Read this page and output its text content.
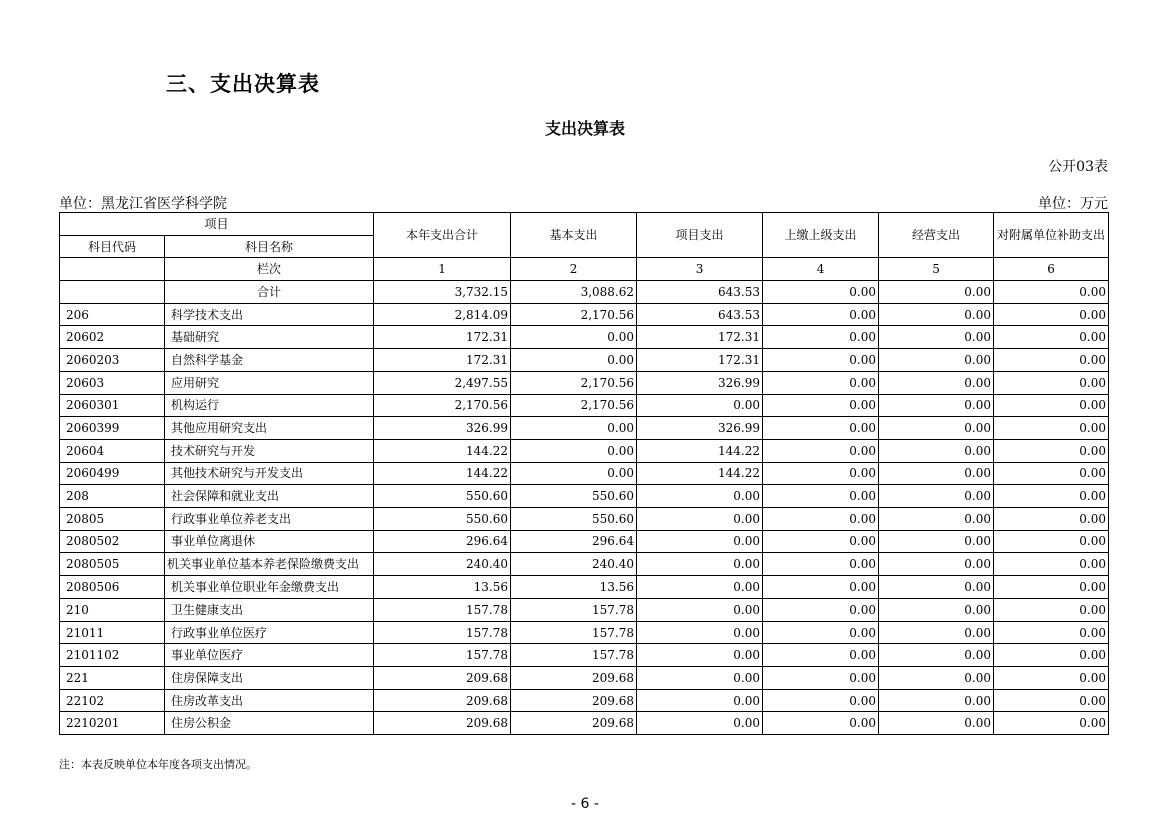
三、支出决算表
支出决算表
公开03表
单位：黑龙江省医学科学院	单位：万元
项目		本年支出合计	基本支出	项目支出	上缴上级支出	经营支出	对附属单位补助支出
科目代码	科目名称						
	栏次	1	2	3	4	5	6
	合计	3,732.15	3,088.62	643.53	0.00	0.00	0.00
206	科学技术支出	2,814.09	2,170.56	643.53	0.00	0.00	0.00
20602	基础研究	172.31	0.00	172.31	0.00	0.00	0.00
2060203	自然科学基金	172.31	0.00	172.31	0.00	0.00	0.00
20603	应用研究	2,497.55	2,170.56	326.99	0.00	0.00	0.00
2060301	机构运行	2,170.56	2,170.56	0.00	0.00	0.00	0.00
2060399	其他应用研究支出	326.99	0.00	326.99	0.00	0.00	0.00
20604	技术研究与开发	144.22	0.00	144.22	0.00	0.00	0.00
2060499	其他技术研究与开发支出	144.22	0.00	144.22	0.00	0.00	0.00
208	社会保障和就业支出	550.60	550.60	0.00	0.00	0.00	0.00
20805	行政事业单位养老支出	550.60	550.60	0.00	0.00	0.00	0.00
2080502	事业单位离退休	296.64	296.64	0.00	0.00	0.00	0.00
2080505	机关事业单位基本养老保险缴费支出	240.40	240.40	0.00	0.00	0.00	0.00
2080506	机关事业单位职业年金缴费支出	13.56	13.56	0.00	0.00	0.00	0.00
210	卫生健康支出	157.78	157.78	0.00	0.00	0.00	0.00
21011	行政事业单位医疗	157.78	157.78	0.00	0.00	0.00	0.00
2101102	事业单位医疗	157.78	157.78	0.00	0.00	0.00	0.00
221	住房保障支出	209.68	209.68	0.00	0.00	0.00	0.00
22102	住房改革支出	209.68	209.68	0.00	0.00	0.00	0.00
2210201	住房公积金	209.68	209.68	0.00	0.00	0.00	0.00
注：本表反映单位本年度各项支出情况。
- 6 -
